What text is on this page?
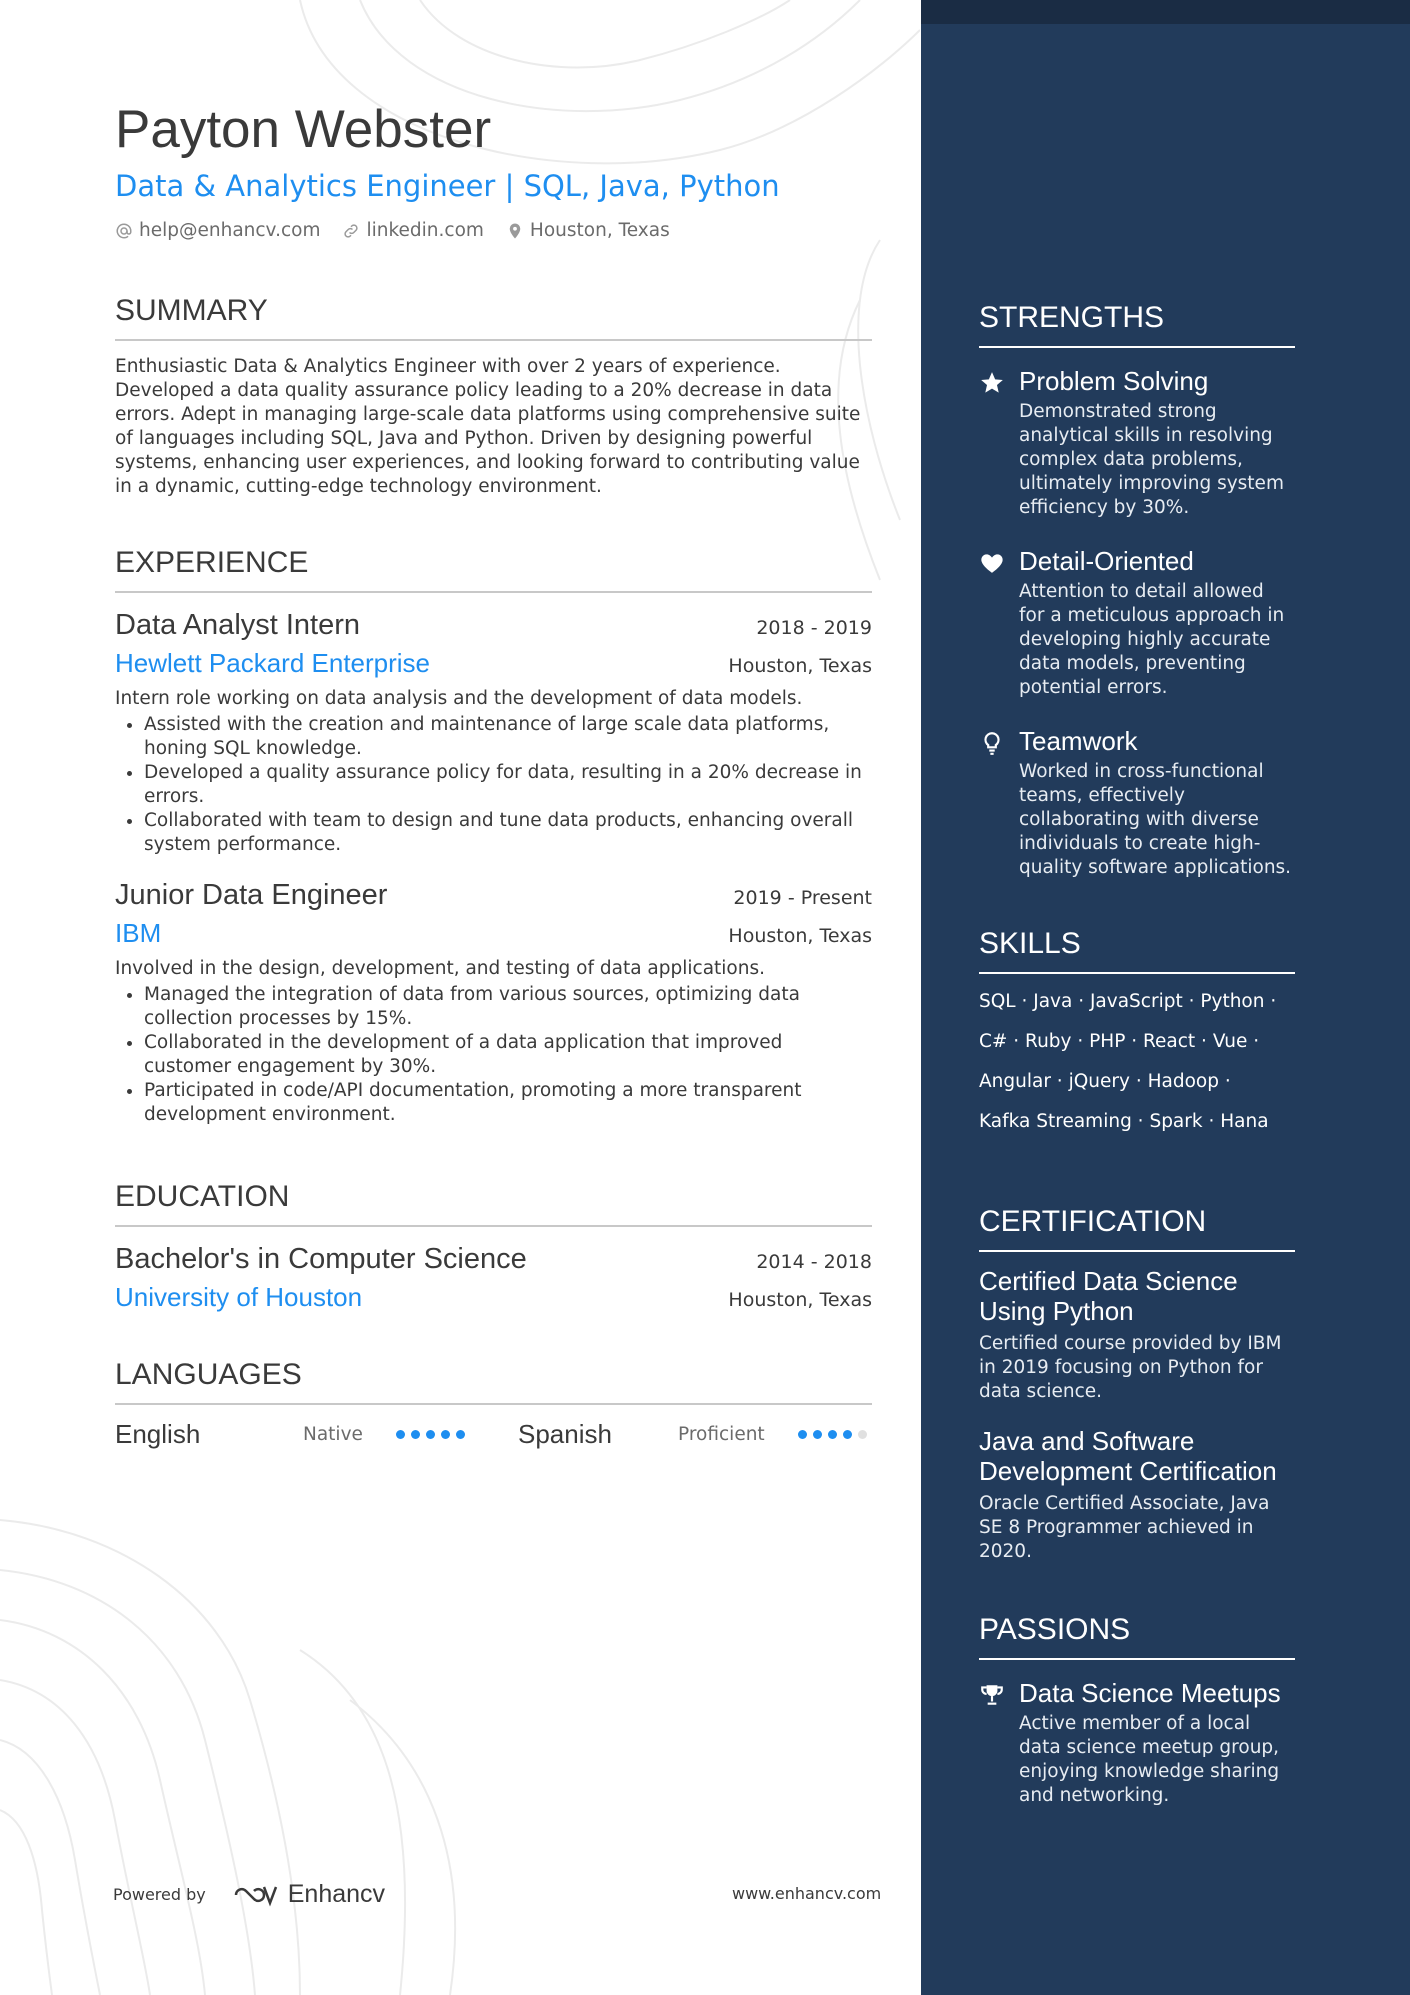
Payton Webster
Data & Analytics Engineer | SQL, Java, Python
help@enhancv.com linkedin.com Houston, Texas
SUMMARY
Enthusiastic Data & Analytics Engineer with over 2 years of experience. Developed a data quality assurance policy leading to a 20% decrease in data errors. Adept in managing large-scale data platforms using comprehensive suite of languages including SQL, Java and Python. Driven by designing powerful systems, enhancing user experiences, and looking forward to contributing value in a dynamic, cutting-edge technology environment.
EXPERIENCE
Data Analyst Intern	2018 - 2019
Hewlett Packard Enterprise	Houston, Texas
Intern role working on data analysis and the development of data models.
• Assisted with the creation and maintenance of large scale data platforms, honing SQL knowledge.
• Developed a quality assurance policy for data, resulting in a 20% decrease in errors.
• Collaborated with team to design and tune data products, enhancing overall system performance.
Junior Data Engineer	2019 - Present
IBM	Houston, Texas
Involved in the design, development, and testing of data applications.
• Managed the integration of data from various sources, optimizing data collection processes by 15%.
• Collaborated in the development of a data application that improved customer engagement by 30%.
• Participated in code/API documentation, promoting a more transparent development environment.
EDUCATION
Bachelor's in Computer Science	2014 - 2018
University of Houston	Houston, Texas
LANGUAGES
English	Native	Spanish	Proficient
STRENGTHS
Problem Solving
Demonstrated strong analytical skills in resolving complex data problems, ultimately improving system efficiency by 30%.
Detail-Oriented
Attention to detail allowed for a meticulous approach in developing highly accurate data models, preventing potential errors.
Teamwork
Worked in cross-functional teams, effectively collaborating with diverse individuals to create high-quality software applications.
SKILLS
SQL · Java · JavaScript · Python ·
C# · Ruby · PHP · React · Vue ·
Angular · jQuery · Hadoop ·
Kafka Streaming · Spark · Hana
CERTIFICATION
Certified Data Science Using Python
Certified course provided by IBM in 2019 focusing on Python for data science.
Java and Software Development Certification
Oracle Certified Associate, Java SE 8 Programmer achieved in 2020.
PASSIONS
Data Science Meetups
Active member of a local data science meetup group, enjoying knowledge sharing and networking.
Powered by	Enhancv	www.enhancv.com
